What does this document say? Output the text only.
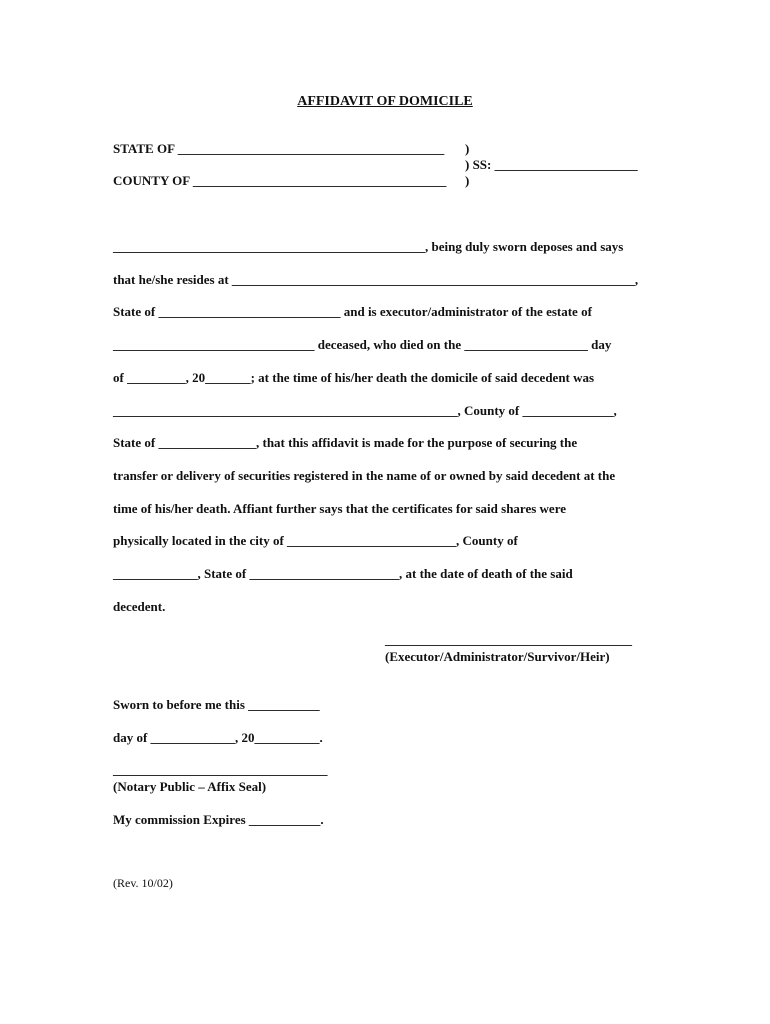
AFFIDAVIT OF DOMICILE
STATE OF _________________________________________
COUNTY OF _______________________________________
)
) SS: ______________________
)
________________________________________________, being duly sworn deposes and says
that he/she resides at ______________________________________________________________,
State of ____________________________ and is executor/administrator of the estate of
_______________________________ deceased, who died on the ___________________ day
of _________, 20_______; at the time of his/her death the domicile of said decedent was
_____________________________________________________, County of ______________,
State of _______________, that this affidavit is made for the purpose of securing the
transfer or delivery of securities registered in the name of or owned by said decedent at the
time of his/her death. Affiant further says that the certificates for said shares were
physically located in the city of __________________________, County of
_____________, State of _______________________, at the date of death of the said
decedent.
______________________________________
(Executor/Administrator/Survivor/Heir)
Sworn to before me this ___________
day of _____________, 20__________.
_________________________________
(Notary Public – Affix Seal)
My commission Expires ___________.
(Rev. 10/02)
